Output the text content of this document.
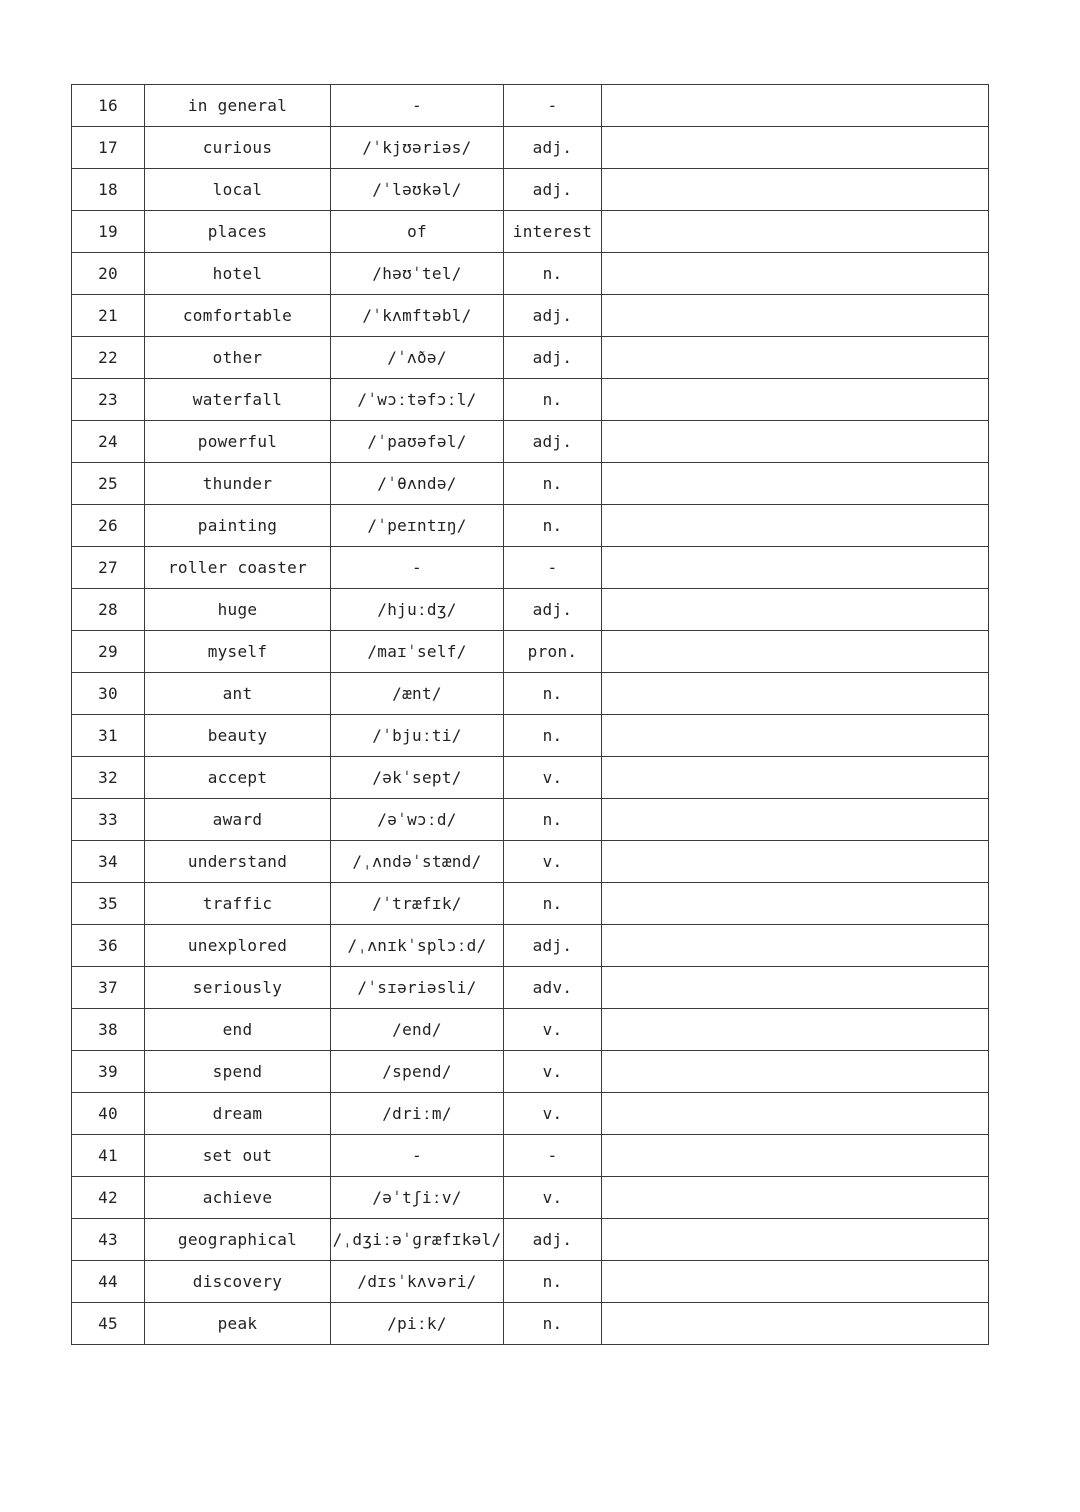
16	in general	-	-	
17	curious	/ˈkjʊəriəs/	adj.	
18	local	/ˈləʊkəl/	adj.	
19	places	of	interest	
20	hotel	/həʊˈtel/	n.	
21	comfortable	/ˈkʌmftəbl/	adj.	
22	other	/ˈʌðə/	adj.	
23	waterfall	/ˈwɔːtəfɔːl/	n.	
24	powerful	/ˈpaʊəfəl/	adj.	
25	thunder	/ˈθʌndə/	n.	
26	painting	/ˈpeɪntɪŋ/	n.	
27	roller coaster	-	-	
28	huge	/hjuːdʒ/	adj.	
29	myself	/maɪˈself/	pron.	
30	ant	/ænt/	n.	
31	beauty	/ˈbjuːti/	n.	
32	accept	/əkˈsept/	v.	
33	award	/əˈwɔːd/	n.	
34	understand	/ˌʌndəˈstænd/	v.	
35	traffic	/ˈtræfɪk/	n.	
36	unexplored	/ˌʌnɪkˈsplɔːd/	adj.	
37	seriously	/ˈsɪəriəsli/	adv.	
38	end	/end/	v.	
39	spend	/spend/	v.	
40	dream	/driːm/	v.	
41	set out	-	-	
42	achieve	/əˈtʃiːv/	v.	
43	geographical	/ˌdʒiːəˈɡræfɪkəl/	adj.	
44	discovery	/dɪsˈkʌvəri/	n.	
45	peak	/piːk/	n.	
